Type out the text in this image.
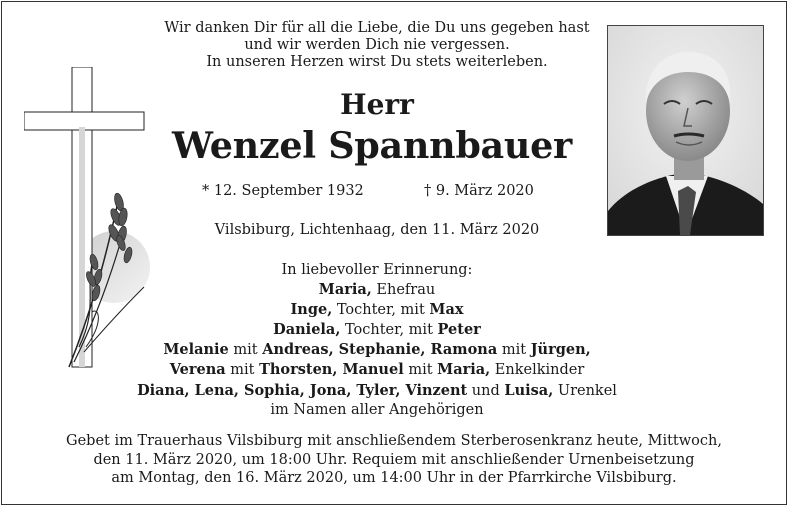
Wir danken Dir für all die Liebe, die Du uns gegeben hast
und wir werden Dich nie vergessen.
In unseren Herzen wirst Du stets weiterleben.
Herr
Wenzel Spannbauer
* 12. September 1932	† 9. März 2020
Vilsbiburg, Lichtenhaag, den 11. März 2020
In liebevoller Erinnerung:
Maria, Ehefrau
Inge, Tochter, mit Max
Daniela, Tochter, mit Peter
Melanie mit Andreas, Stephanie, Ramona mit Jürgen,
Verena mit Thorsten, Manuel mit Maria, Enkelkinder
Diana, Lena, Sophia, Jona, Tyler, Vinzent und Luisa, Urenkel
im Namen aller Angehörigen
Gebet im Trauerhaus Vilsbiburg mit anschließendem Sterberosenkranz heute, Mittwoch,
den 11. März 2020, um 18:00 Uhr. Requiem mit anschließender Urnenbeisetzung
am Montag, den 16. März 2020, um 14:00 Uhr in der Pfarrkirche Vilsbiburg.
